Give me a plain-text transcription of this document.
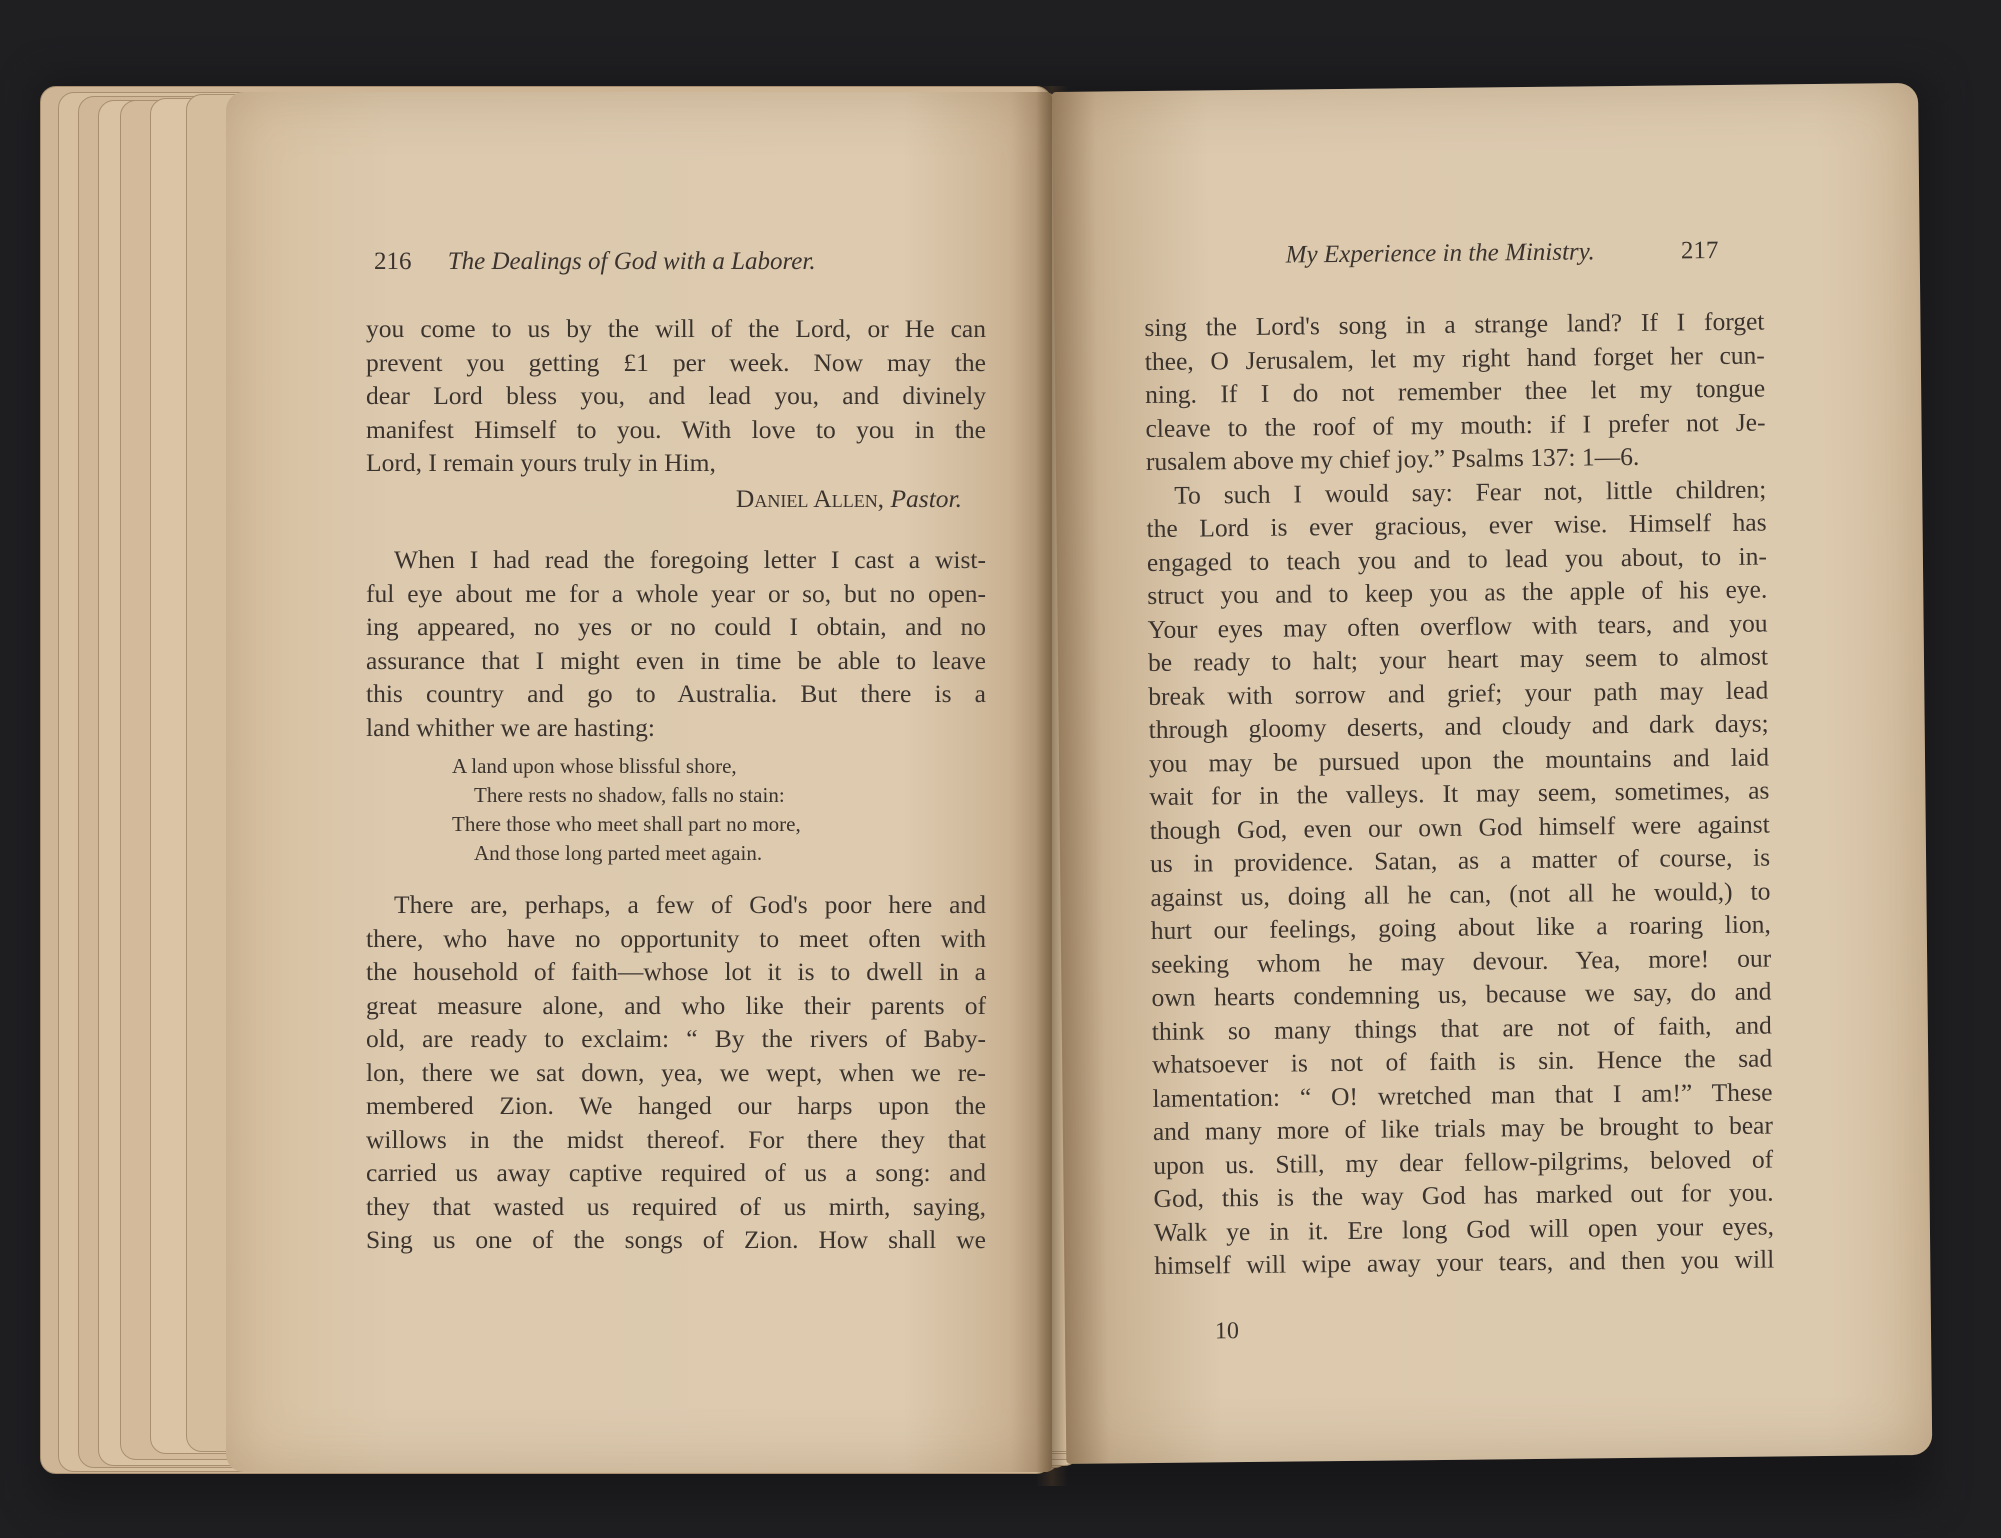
216 The Dealings of God with a Laborer.
you come to us by the will of the Lord, or He can
prevent you getting £1 per week. Now may the
dear Lord bless you, and lead you, and divinely
manifest Himself to you. With love to you in the
Lord, I remain yours truly in Him,
Daniel Allen, Pastor.
When I had read the foregoing letter I cast a wist-
ful eye about me for a whole year or so, but no open-
ing appeared, no yes or no could I obtain, and no
assurance that I might even in time be able to leave
this country and go to Australia. But there is a
land whither we are hasting:
A land upon whose blissful shore,
There rests no shadow, falls no stain:
There those who meet shall part no more,
And those long parted meet again.
There are, perhaps, a few of God's poor here and
there, who have no opportunity to meet often with
the household of faith—whose lot it is to dwell in a
great measure alone, and who like their parents of
old, are ready to exclaim: “ By the rivers of Baby-
lon, there we sat down, yea, we wept, when we re-
membered Zion. We hanged our harps upon the
willows in the midst thereof. For there they that
carried us away captive required of us a song: and
they that wasted us required of us mirth, saying,
Sing us one of the songs of Zion. How shall we
My Experience in the Ministry.	217
sing the Lord's song in a strange land? If I forget
thee, O Jerusalem, let my right hand forget her cun-
ning. If I do not remember thee let my tongue
cleave to the roof of my mouth: if I prefer not Je-
rusalem above my chief joy.” Psalms 137: 1—6.
To such I would say: Fear not, little children;
the Lord is ever gracious, ever wise. Himself has
engaged to teach you and to lead you about, to in-
struct you and to keep you as the apple of his eye.
Your eyes may often overflow with tears, and you
be ready to halt; your heart may seem to almost
break with sorrow and grief; your path may lead
through gloomy deserts, and cloudy and dark days;
you may be pursued upon the mountains and laid
wait for in the valleys. It may seem, sometimes, as
though God, even our own God himself were against
us in providence. Satan, as a matter of course, is
against us, doing all he can, (not all he would,) to
hurt our feelings, going about like a roaring lion,
seeking whom he may devour. Yea, more! our
own hearts condemning us, because we say, do and
think so many things that are not of faith, and
whatsoever is not of faith is sin. Hence the sad
lamentation: “ O! wretched man that I am!” These
and many more of like trials may be brought to bear
upon us. Still, my dear fellow-pilgrims, beloved of
God, this is the way God has marked out for you.
Walk ye in it. Ere long God will open your eyes,
himself will wipe away your tears, and then you will
10
